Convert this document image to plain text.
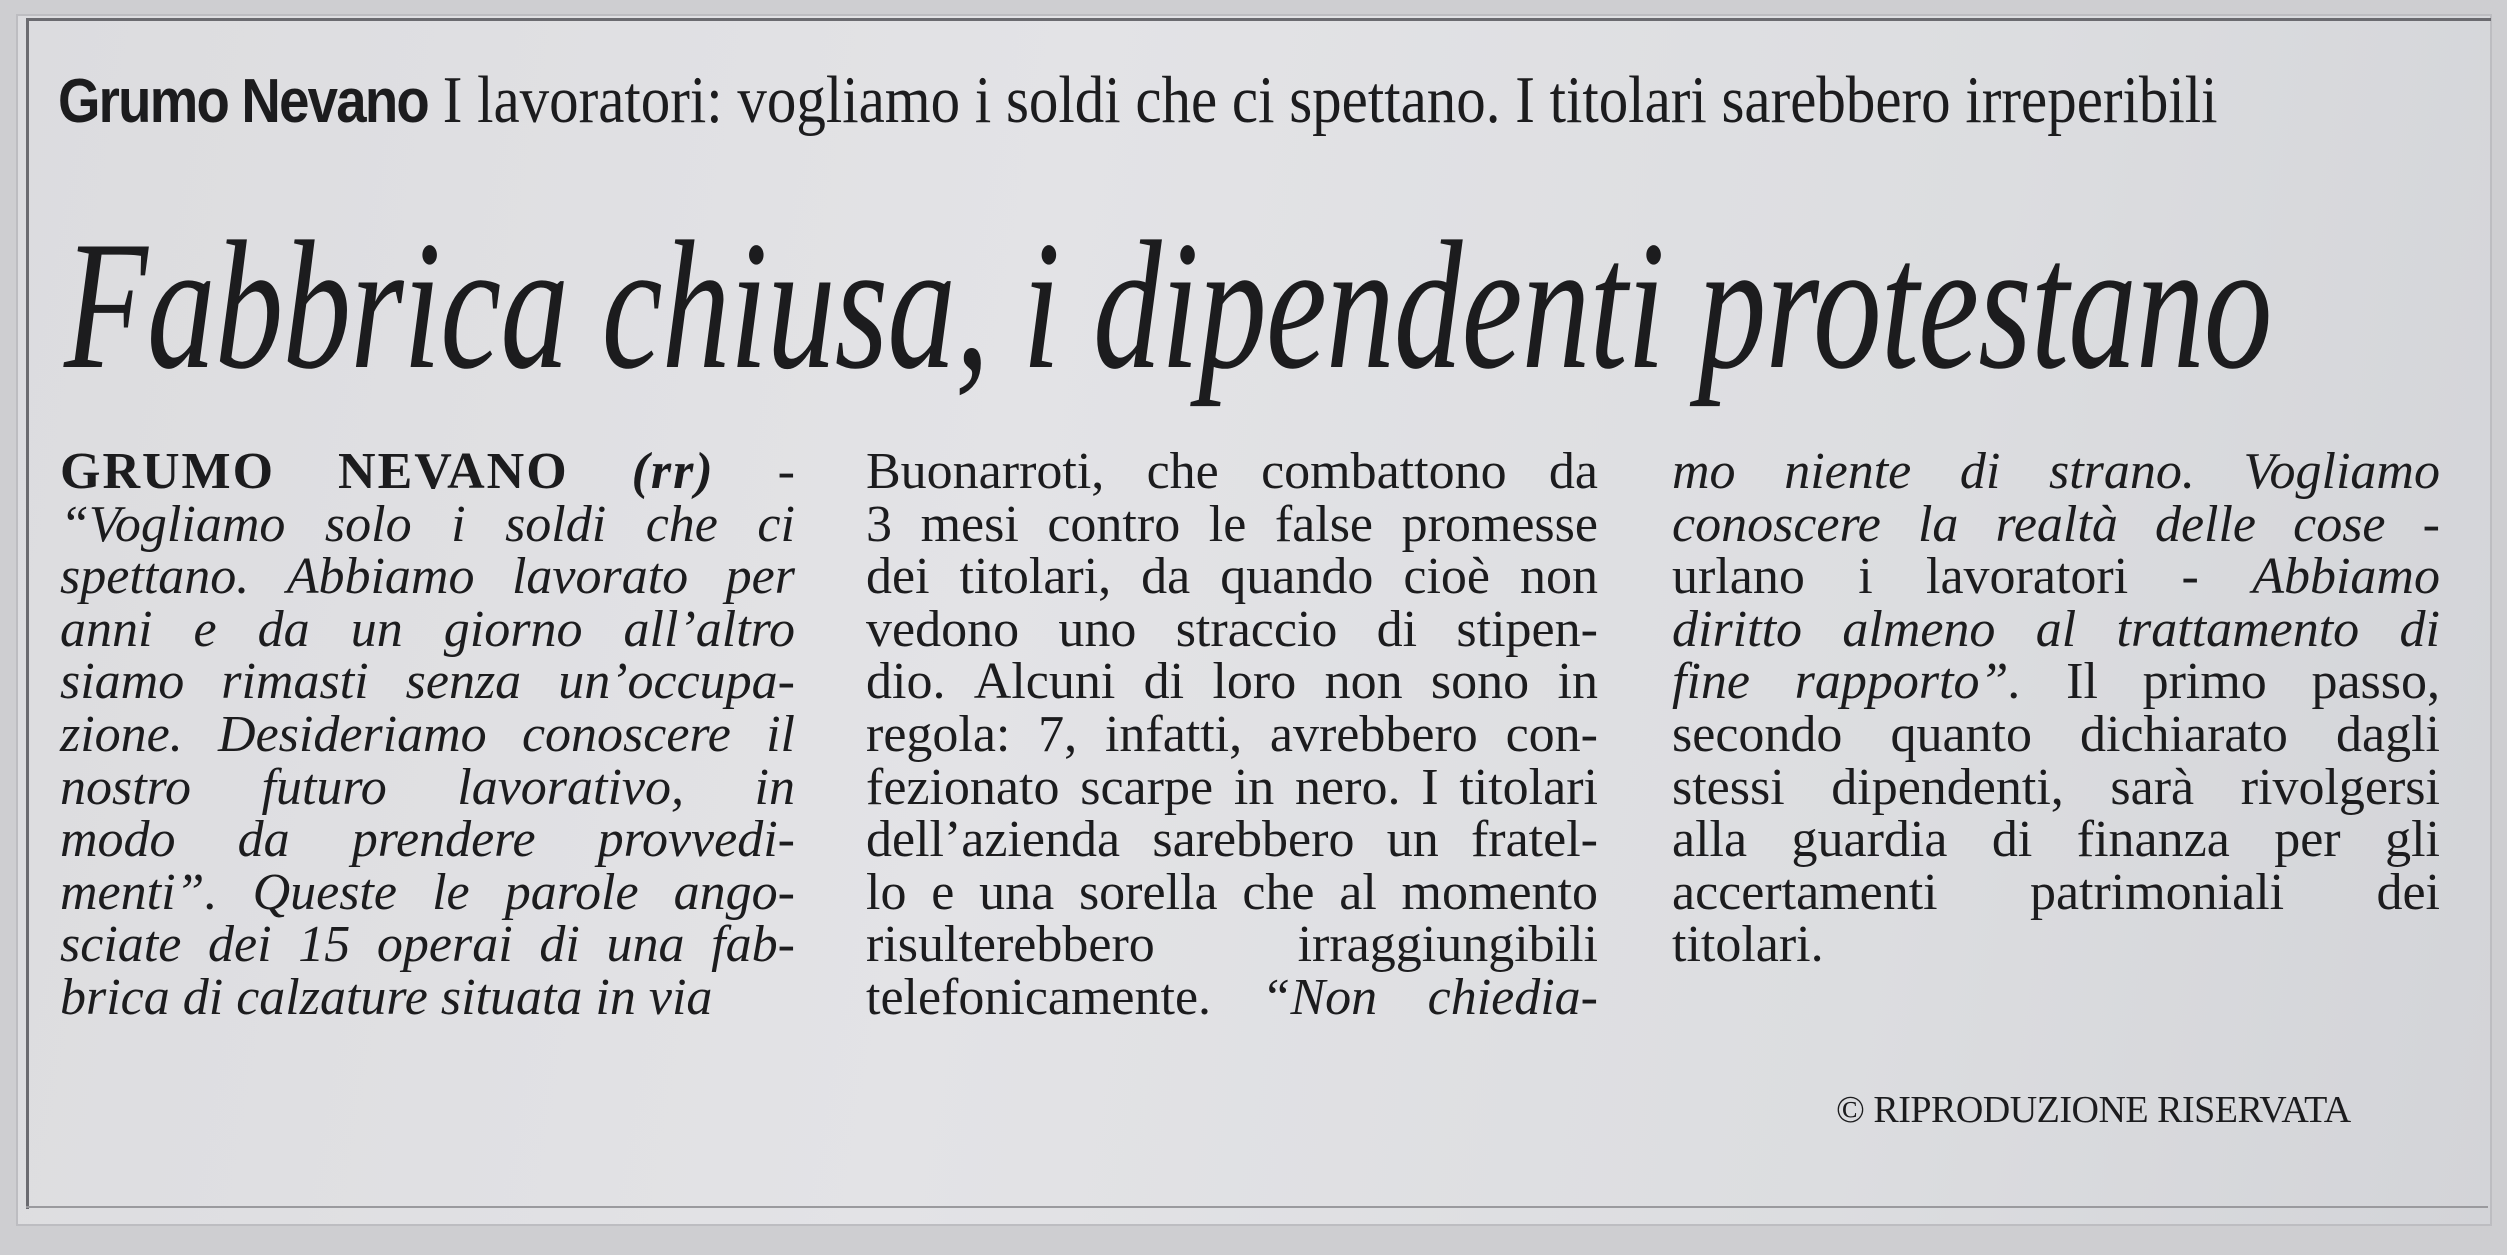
Grumo Nevano I lavoratori: vogliamo i soldi che ci spettano. I titolari sarebbero irreperibili
Fabbrica chiusa, i dipendenti protestano
GRUMO NEVANO (rr) -
“Vogliamo solo i soldi che ci
spettano. Abbiamo lavorato per
anni e da un giorno all’altro
siamo rimasti senza un’occupa-
zione. Desideriamo conoscere il
nostro futuro lavorativo, in
modo da prendere provvedi-
menti”. Queste le parole ango-
sciate dei 15 operai di una fab-
brica
di
calzature
situata
in
via
Buonarroti, che combattono da
3 mesi contro le false promesse
dei titolari, da quando cioè non
vedono uno straccio di stipen-
dio. Alcuni di loro non sono in
regola: 7, infatti, avrebbero con-
fezionato scarpe in nero. I titolari
dell’azienda sarebbero un fratel-
lo e una sorella che al momento
risulterebbero	irraggiungibili
telefonicamente. “Non chiedia-
mo niente di strano. Vogliamo
conoscere la realtà delle cose -
urlano i lavoratori - Abbiamo
diritto almeno al trattamento di
fine rapporto”. Il primo passo,
secondo quanto dichiarato dagli
stessi dipendenti, sarà rivolgersi
alla guardia di finanza per gli
accertamenti patrimoniali dei
titolari.
© RIPRODUZIONE RISERVATA
